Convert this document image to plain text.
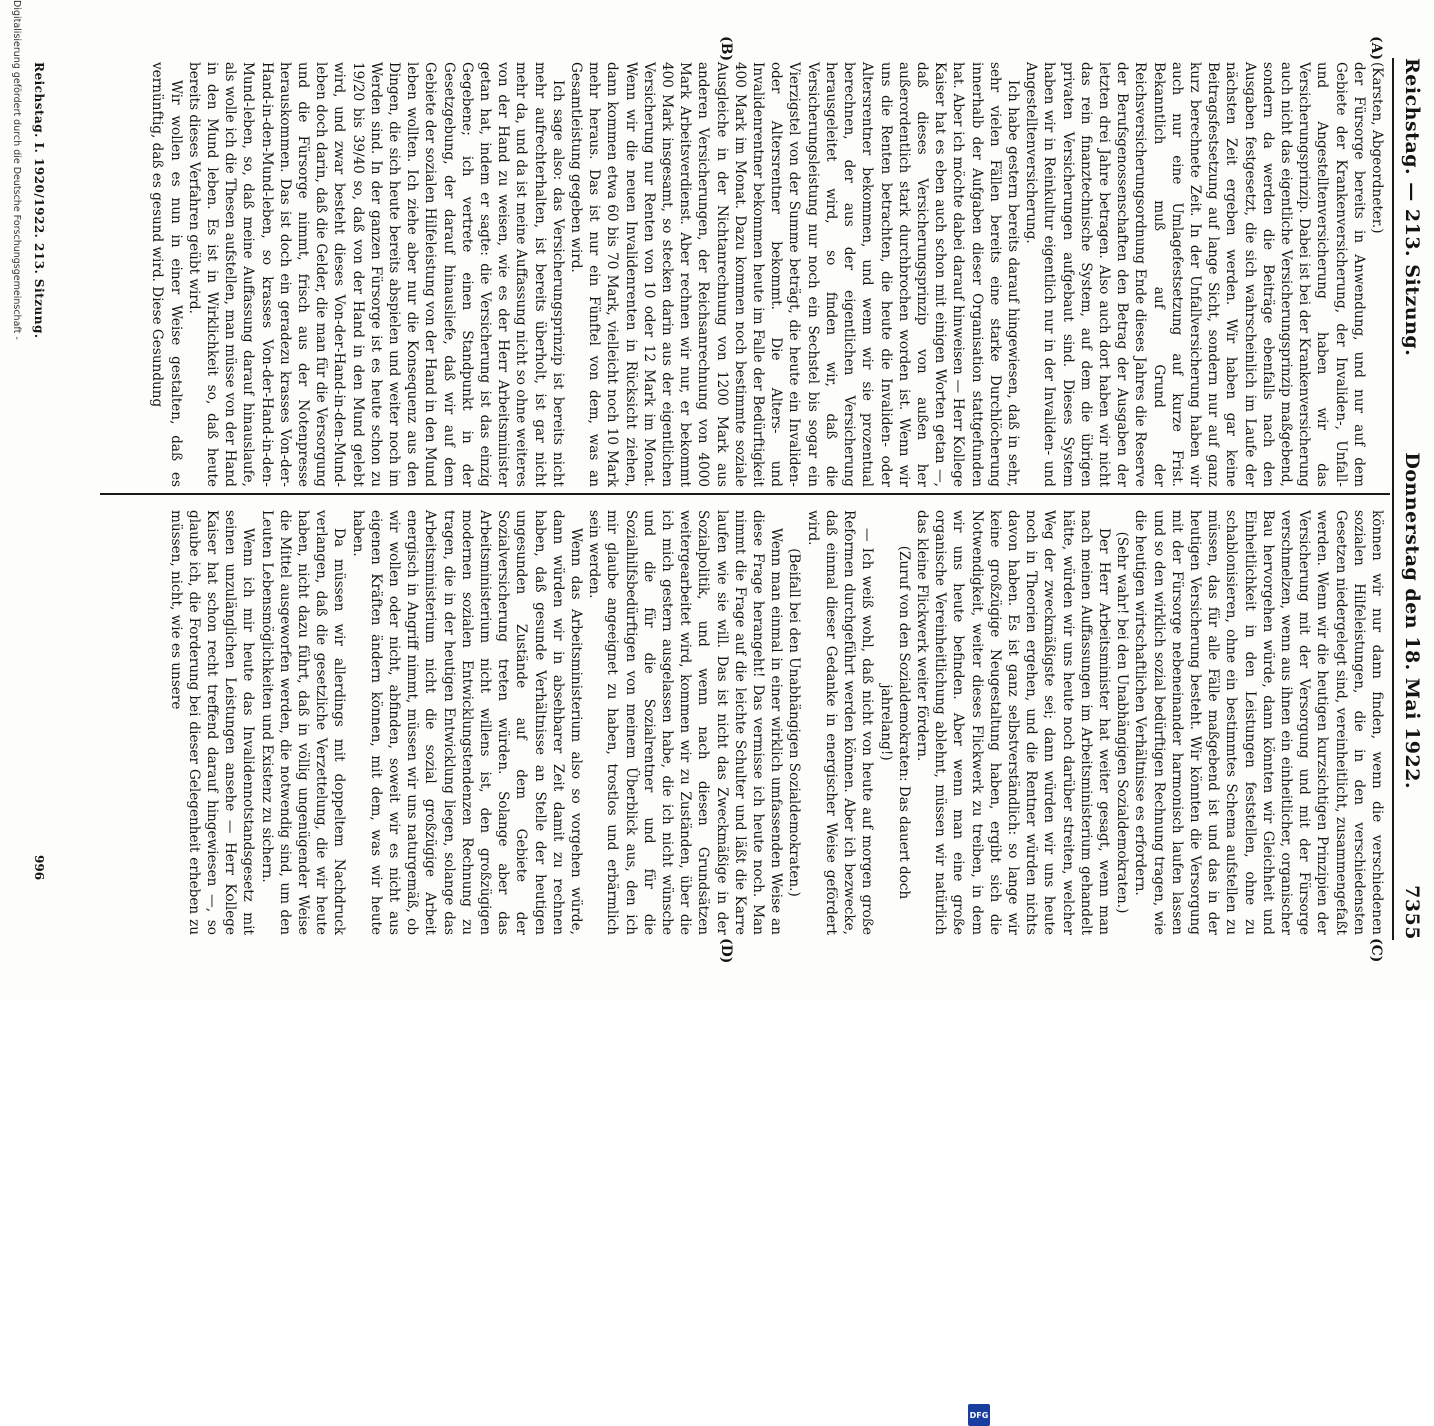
Reichstag. — 213. Sitzung.
Donnerstag den 18. Mai 1922.
7355
(A)
(B)
(C)
(D)

(Karsten, Abgeordneter.)

der Fürsorge bereits in Anwendung, und nur auf dem Gebiete der Krankenversicherung, der Invaliden-, Unfall- und Angestelltenversicherung haben wir das Versicherungsprinzip. Dabei ist bei der Krankenversicherung auch nicht das eigentliche Versicherungsprinzip maßgebend, sondern da werden die Beiträge ebenfalls nach den Ausgaben festgesetzt, die sich wahrscheinlich im Laufe der nächsten Zeit ergeben werden. Wir haben gar keine Beitragsfestsetzung auf lange Sicht, sondern nur auf ganz kurz berechnete Zeit. In der Unfallversicherung haben wir auch nur eine Umlagefestsetzung auf kurze Frist. Bekanntlich muß auf Grund der Reichsversicherungsordnung Ende dieses Jahres die Reserve der Berufsgenossenschaften den Betrag der Ausgaben der letzten drei Jahre betragen. Also auch dort haben wir nicht das rein finanztechnische System, auf dem die übrigen privaten Versicherungen aufgebaut sind. Dieses System haben wir in Reinkultur eigentlich nur in der Invaliden- und Angestelltenversicherung.

Ich habe gestern bereits darauf hingewiesen, daß in sehr, sehr vielen Fällen bereits eine starke Durchlöcherung innerhalb der Aufgaben dieser Organisation stattgefunden hat. Aber ich möchte dabei darauf hinweisen — Herr Kollege Kaiser hat es eben auch schon mit einigen Worten getan —, daß dieses Versicherungsprinzip von außen her außerordentlich stark durchbrochen worden ist. Wenn wir uns die Renten betrachten, die heute die Invaliden- oder Altersrentner bekommen, und wenn wir sie prozentual berechnen, der aus der eigentlichen Versicherung herausgeleitet wird, so finden wir, daß die Versicherungsleistung nur noch ein Sechstel bis sogar ein Vierzigstel von der Summe beträgt, die heute ein Invaliden- oder Altersrentner bekommt. Die Alters- und Invalidenrentner bekommen heute im Falle der Bedürftigkeit 400 Mark im Monat. Dazu kommen noch bestimmte soziale Ausgleiche in der Nichtanrechnung von 1200 Mark aus anderen Versicherungen, der Reichsanrechnung von 4000 Mark Arbeitsverdienst. Aber rechnen wir nur, er bekommt 400 Mark insgesamt, so stecken darin aus der eigentlichen Versicherung nur Renten von 10 oder 12 Mark im Monat. Wenn wir die neuen Invalidenrenten in Rücksicht ziehen, dann kommen etwa 60 bis 70 Mark, vielleicht noch 10 Mark mehr heraus. Das ist nur ein Fünftel von dem, was an Gesamtleistung gegeben wird.

Ich sage also: das Versicherungsprinzip ist bereits nicht mehr aufrechterhalten, ist bereits überholt, ist gar nicht mehr da, und da ist meine Auffassung nicht so ohne weiteres von der Hand zu weisen, wie es der Herr Arbeitsminister getan hat, indem er sagte: die Versicherung ist das einzig Gegebene; ich vertrete einen Standpunkt in der Gesetzgebung, der darauf hinausliefe, daß wir auf dem Gebiete der sozialen Hilfeleistung von der Hand in den Mund leben wollten. Ich ziehe aber nur die Konsequenz aus den Dingen, die sich heute bereits abspielen und weiter noch im Werden sind. In der ganzen Fürsorge ist es heute schon zu 19/20 bis 39/40 so, daß von der Hand in den Mund gelebt wird, und zwar besteht dieses Von-der-Hand-in-den-Mund-leben doch darin, daß die Gelder, die man für die Versorgung und die Fürsorge nimmt, frisch aus der Notenpresse herauskommen. Das ist doch ein geradezu krasses Von-der-Hand-in-den-Mund-leben, so krasses Von-der-Hand-in-den-Mund-leben, so, daß meine Auffassung darauf hinauslaufe, als wolle ich die Thesen aufstellen, man müsse von der Hand in den Mund leben. Es ist in Wirklichkeit so, daß heute bereits dieses Verfahren geübt wird.

Wir wollen es nun in einer Weise gestalten, daß es vernünftig, daß es gesund wird. Diese Gesundung

können wir nur dann finden, wenn die verschiedenen sozialen Hilfeleistungen, die in den verschiedensten Gesetzen niedergelegt sind, vereinheitlicht, zusammengefaßt werden. Wenn wir die heutigen kurzsichtigen Prinzipien der Versicherung mit der Versorgung und mit der Fürsorge verschmelzen, wenn aus ihnen ein einheitlicher, organischer Bau hervorgehen würde, dann könnten wir Gleichheit und Einheitlichkeit in den Leistungen feststellen, ohne zu schablonisieren, ohne ein bestimmtes Schema aufstellen zu müssen, das für alle Fälle maßgebend ist und das in der heutigen Versicherung besteht. Wir könnten die Versorgung mit der Fürsorge nebeneinander harmonisch laufen lassen und so den wirklich sozial bedürftigen Rechnung tragen, wie die heutigen wirtschaftlichen Verhältnisse es erfordern.

(Sehr wahr! bei den Unabhängigen Sozialdemokraten.)

Der Herr Arbeitsminister hat weiter gesagt, wenn man nach meinen Auffassungen im Arbeitsministerium gehandelt hätte, würden wir uns heute noch darüber streiten, welcher Weg der zweckmäßigste sei; dann würden wir uns heute noch in Theorien ergehen, und die Rentner würden nichts davon haben. Es ist ganz selbstverständlich: so lange wir keine großzügige Neugestaltung haben, ergibt sich die Notwendigkeit, weiter dieses Flickwerk zu treiben, in dem wir uns heute befinden. Aber wenn man eine große organische Vereinheitlichung ablehnt, müssen wir natürlich das kleine Flickwerk weiter fördern.

(Zuruf von den Sozialdemokraten: Das dauert doch jahrelang!)

— Ich weiß wohl, daß nicht von heute auf morgen große Reformen durchgeführt werden können. Aber ich bezwecke, daß einmal dieser Gedanke in energischer Weise gefördert wird.

(Beifall bei den Unabhängigen Sozialdemokraten.)

Wenn man einmal in einer wirklich umfassenden Weise an diese Frage herangeht! Das vermisse ich heute noch. Man nimmt die Frage auf die leichte Schulter und läßt die Karre laufen wie sie will. Das ist nicht das Zweckmäßige in der Sozialpolitik, und wenn nach diesen Grundsätzen weitergearbeitet wird, kommen wir zu Zuständen, über die ich mich gestern ausgelassen habe, die ich nicht wünsche und die für die Sozialrentner und für die Sozialhilfsbedürftigen von meinem Überblick aus, den ich mir glaube angeeignet zu haben, trostlos und erbärmlich sein werden.

Wenn das Arbeitsministerium also so vorgehen würde, dann würden wir in absehbarer Zeit damit zu rechnen haben, daß gesunde Verhältnisse an Stelle der heutigen ungesunden Zustände auf dem Gebiete der Sozialversicherung treten würden. Solange aber das Arbeitsministerium nicht willens ist, den großzügigen modernen sozialen Entwicklungstendenzen Rechnung zu tragen, die in der heutigen Entwicklung liegen, solange das Arbeitsministerium nicht die sozial großzügige Arbeit energisch in Angriff nimmt, müssen wir uns naturgemäß, ob wir wollen oder nicht, abfinden, soweit wir es nicht aus eigenen Kräften ändern können, mit dem, was wir heute haben.

Da müssen wir allerdings mit doppeltem Nachdruck verlangen, daß die gesetzliche Verzettelung, die wir heute haben, nicht dazu führt, daß in völlig ungenügender Weise die Mittel ausgeworfen werden, die notwendig sind, um den Leuten Lebensmöglichkeiten und Existenz zu sichern.

Wenn ich mir heute das Invalidennotstandsgesetz mit seinen unzulänglichen Leistungen ansehe — Herr Kollege Kaiser hat schon recht treffend darauf hingewiesen —, so glaube ich, die Forderung bei dieser Gelegenheit erheben zu müssen, nicht, wie es unsere

Reichstag. I. 1920/1922. 213. Sitzung.
996
Digitalisierung gefördert durch die Deutsche Forschungsgemeinschaft -
DFG
